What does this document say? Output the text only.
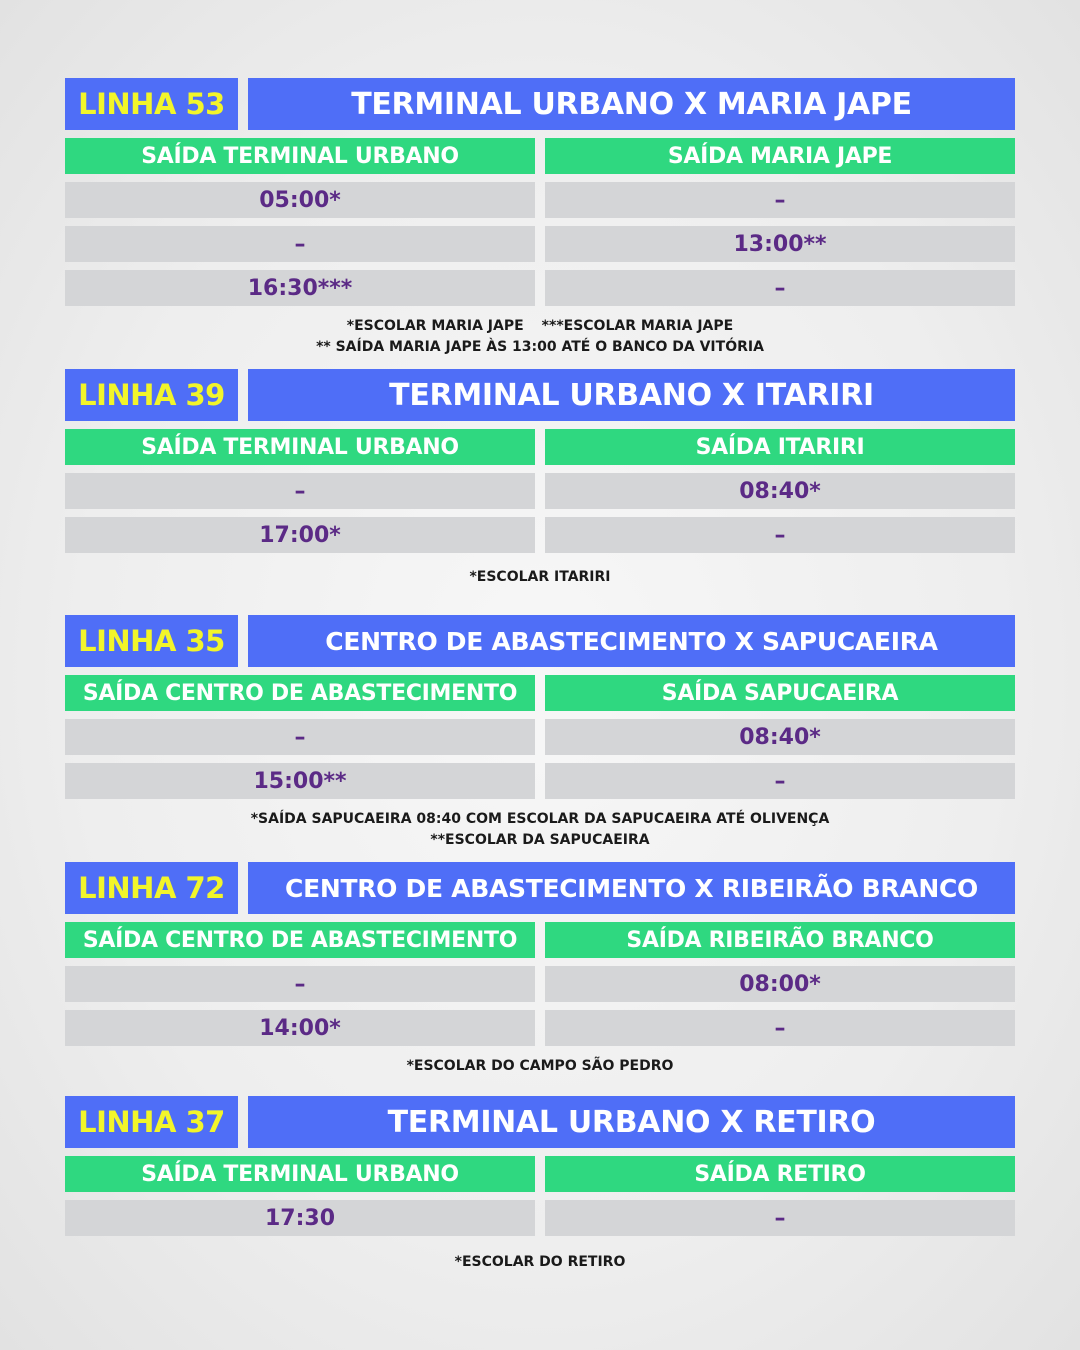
LINHA 53	TERMINAL URBANO X MARIA JAPE
SAÍDA TERMINAL URBANO	SAÍDA MARIA JAPE
05:00*	–
–	13:00**
16:30***	–
*ESCOLAR MARIA JAPE ***ESCOLAR MARIA JAPE
** SAÍDA MARIA JAPE ÀS 13:00 ATÉ O BANCO DA VITÓRIA
LINHA 39	TERMINAL URBANO X ITARIRI
SAÍDA TERMINAL URBANO	SAÍDA ITARIRI
–	08:40*
17:00*	–
*ESCOLAR ITARIRI
LINHA 35	CENTRO DE ABASTECIMENTO X SAPUCAEIRA
SAÍDA CENTRO DE ABASTECIMENTO	SAÍDA SAPUCAEIRA
–	08:40*
15:00**	–
*SAÍDA SAPUCAEIRA 08:40 COM ESCOLAR DA SAPUCAEIRA ATÉ OLIVENÇA
**ESCOLAR DA SAPUCAEIRA
LINHA 72	CENTRO DE ABASTECIMENTO X RIBEIRÃO BRANCO
SAÍDA CENTRO DE ABASTECIMENTO	SAÍDA RIBEIRÃO BRANCO
–	08:00*
14:00*	–
*ESCOLAR DO CAMPO SÃO PEDRO
LINHA 37	TERMINAL URBANO X RETIRO
SAÍDA TERMINAL URBANO	SAÍDA RETIRO
17:30	–
*ESCOLAR DO RETIRO
